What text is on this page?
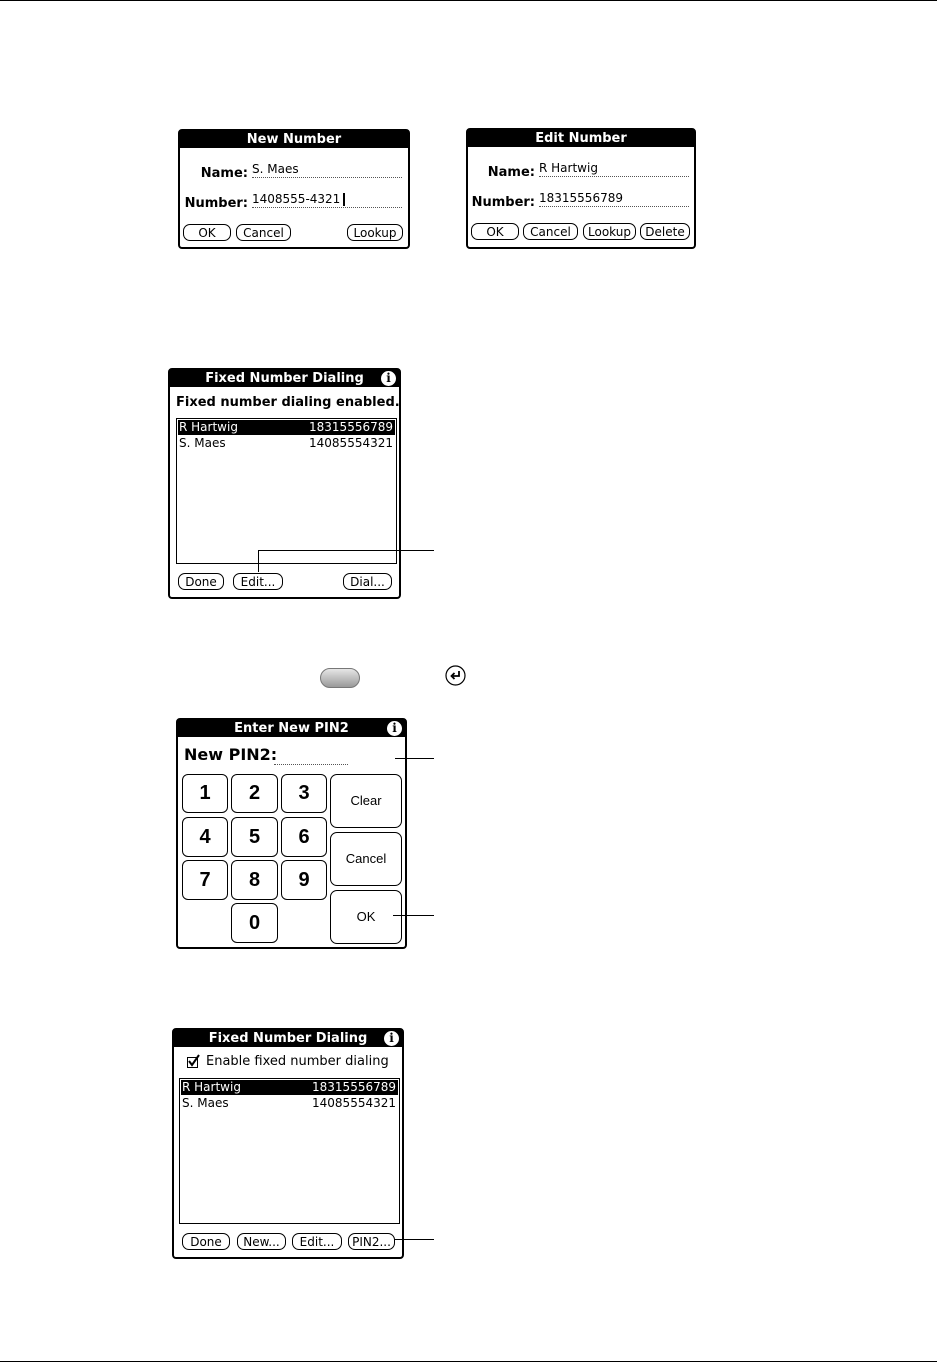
New Number
Name: S. Maes
Number: 1408555-4321
OK	Cancel	Lookup
Edit Number
Name: R Hartwig
Number: 18315556789
OK	Cancel	Lookup	Delete
Fixed Number Dialing	i
Fixed number dialing enabled.
R Hartwig	18315556789
S. Maes	14085554321
Done	Edit...	Dial...
Enter New PIN2	i
New PIN2:
1	2	3
4	5	6
7	8	9
0
Clear
Cancel
OK
Fixed Number Dialing	i
Enable fixed number dialing
R Hartwig	18315556789
S. Maes	14085554321
Done	New...	Edit...	PIN2...
